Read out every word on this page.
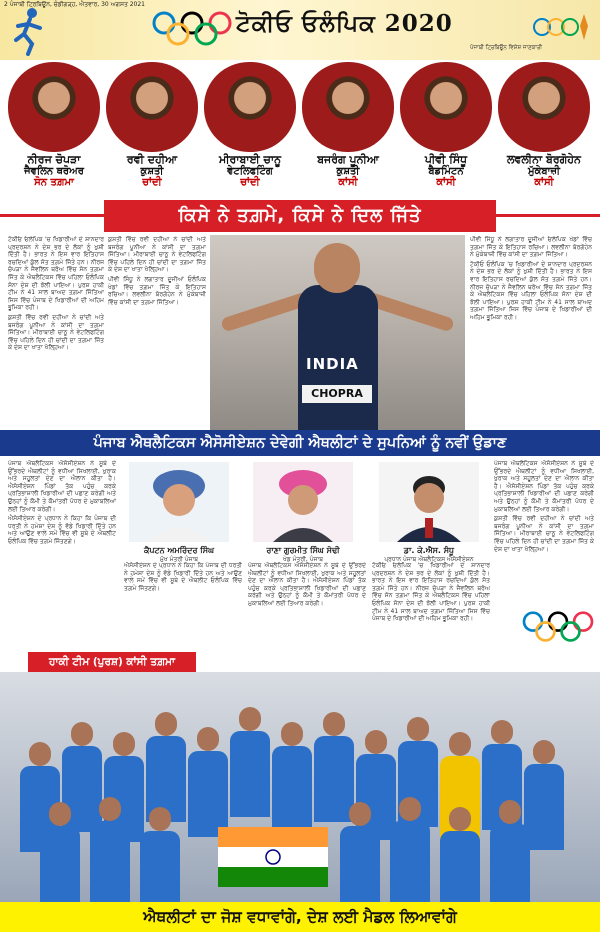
2 ਪੰਜਾਬੀ ਟ੍ਰਿਬਿਊਨ, ਚੰਡੀਗੜ੍ਹ, ਐਤਵਾਰ, 30 ਅਗਸਤ 2021
ਟੋਕੀਓ ਓਲੰਪਿਕ 2020
ਪੰਜਾਬੀ ਟ੍ਰਿਬਿਊਨ ਵਿਸ਼ੇਸ਼ ਜਾਣਕਾਰੀ
ਨੀਰਜ ਚੋਪੜਾ
ਜੈਵਲਿਨ ਥਰੋਅਰ
ਸੋਨ ਤਗ਼ਮਾ
ਰਵੀ ਦਹੀਆ
ਕੁਸ਼ਤੀ
ਚਾਂਦੀ
ਮੀਰਾਬਾਈ ਚਾਨੂ
ਵੇਟਲਿਫਟਿੰਗ
ਚਾਂਦੀ
ਬਜਰੰਗ ਪੂਨੀਆ
ਕੁਸ਼ਤੀ
ਕਾਂਸੀ
ਪੀਵੀ ਸਿੰਧੂ
ਬੈਡਮਿੰਟਨ
ਕਾਂਸੀ
ਲਵਲੀਨਾ ਬੋਰਗੋਹੇਨ
ਮੁੱਕੇਬਾਜ਼ੀ
ਕਾਂਸੀ
ਕਿਸੇ ਨੇ ਤਗ਼ਮੇ, ਕਿਸੇ ਨੇ ਦਿਲ ਜਿੱਤੇ

ਟੋਕੀਓ ਓਲੰਪਿਕ 'ਚ ਖਿਡਾਰੀਆਂ ਦੇ ਸ਼ਾਨਦਾਰ ਪ੍ਰਦਰਸ਼ਨ ਨੇ ਦੇਸ਼ ਭਰ ਦੇ ਲੋਕਾਂ ਨੂੰ ਖੁਸ਼ੀ ਦਿੱਤੀ ਹੈ। ਭਾਰਤ ਨੇ ਇਸ ਵਾਰ ਇਤਿਹਾਸ ਰਚਦਿਆਂ ਕੁੱਲ ਸੱਤ ਤਗ਼ਮੇ ਜਿੱਤੇ ਹਨ। ਨੀਰਜ ਚੋਪੜਾ ਨੇ ਜੈਵਲਿਨ ਥਰੋਅ ਵਿੱਚ ਸੋਨ ਤਗ਼ਮਾ ਜਿੱਤ ਕੇ ਐਥਲੈਟਿਕਸ ਵਿੱਚ ਪਹਿਲਾ ਓਲੰਪਿਕ ਸੋਨਾ ਦੇਸ਼ ਦੀ ਝੋਲੀ ਪਾਇਆ। ਪੁਰਸ਼ ਹਾਕੀ ਟੀਮ ਨੇ 41 ਸਾਲ ਬਾਅਦ ਤਗ਼ਮਾ ਜਿੱਤਿਆ ਜਿਸ ਵਿੱਚ ਪੰਜਾਬ ਦੇ ਖਿਡਾਰੀਆਂ ਦੀ ਅਹਿਮ ਭੂਮਿਕਾ ਰਹੀ।

ਕੁਸ਼ਤੀ ਵਿੱਚ ਰਵੀ ਦਹੀਆ ਨੇ ਚਾਂਦੀ ਅਤੇ ਬਜਰੰਗ ਪੂਨੀਆ ਨੇ ਕਾਂਸੀ ਦਾ ਤਗ਼ਮਾ ਜਿੱਤਿਆ। ਮੀਰਾਬਾਈ ਚਾਨੂ ਨੇ ਵੇਟਲਿਫਟਿੰਗ ਵਿੱਚ ਪਹਿਲੇ ਦਿਨ ਹੀ ਚਾਂਦੀ ਦਾ ਤਗ਼ਮਾ ਜਿੱਤ ਕੇ ਦੇਸ਼ ਦਾ ਖਾਤਾ ਖੋਲ੍ਹਿਆ।

ਕੁਸ਼ਤੀ ਵਿੱਚ ਰਵੀ ਦਹੀਆ ਨੇ ਚਾਂਦੀ ਅਤੇ ਬਜਰੰਗ ਪੂਨੀਆ ਨੇ ਕਾਂਸੀ ਦਾ ਤਗ਼ਮਾ ਜਿੱਤਿਆ। ਮੀਰਾਬਾਈ ਚਾਨੂ ਨੇ ਵੇਟਲਿਫਟਿੰਗ ਵਿੱਚ ਪਹਿਲੇ ਦਿਨ ਹੀ ਚਾਂਦੀ ਦਾ ਤਗ਼ਮਾ ਜਿੱਤ ਕੇ ਦੇਸ਼ ਦਾ ਖਾਤਾ ਖੋਲ੍ਹਿਆ।

ਪੀਵੀ ਸਿੰਧੂ ਨੇ ਲਗਾਤਾਰ ਦੂਜੀਆਂ ਓਲੰਪਿਕ ਖੇਡਾਂ ਵਿੱਚ ਤਗ਼ਮਾ ਜਿੱਤ ਕੇ ਇਤਿਹਾਸ ਰਚਿਆ। ਲਵਲੀਨਾ ਬੋਰਗੋਹੇਨ ਨੇ ਮੁੱਕੇਬਾਜ਼ੀ ਵਿੱਚ ਕਾਂਸੀ ਦਾ ਤਗ਼ਮਾ ਜਿੱਤਿਆ।

INDIA
CHOPRA

ਪੀਵੀ ਸਿੰਧੂ ਨੇ ਲਗਾਤਾਰ ਦੂਜੀਆਂ ਓਲੰਪਿਕ ਖੇਡਾਂ ਵਿੱਚ ਤਗ਼ਮਾ ਜਿੱਤ ਕੇ ਇਤਿਹਾਸ ਰਚਿਆ। ਲਵਲੀਨਾ ਬੋਰਗੋਹੇਨ ਨੇ ਮੁੱਕੇਬਾਜ਼ੀ ਵਿੱਚ ਕਾਂਸੀ ਦਾ ਤਗ਼ਮਾ ਜਿੱਤਿਆ।

ਟੋਕੀਓ ਓਲੰਪਿਕ 'ਚ ਖਿਡਾਰੀਆਂ ਦੇ ਸ਼ਾਨਦਾਰ ਪ੍ਰਦਰਸ਼ਨ ਨੇ ਦੇਸ਼ ਭਰ ਦੇ ਲੋਕਾਂ ਨੂੰ ਖੁਸ਼ੀ ਦਿੱਤੀ ਹੈ। ਭਾਰਤ ਨੇ ਇਸ ਵਾਰ ਇਤਿਹਾਸ ਰਚਦਿਆਂ ਕੁੱਲ ਸੱਤ ਤਗ਼ਮੇ ਜਿੱਤੇ ਹਨ। ਨੀਰਜ ਚੋਪੜਾ ਨੇ ਜੈਵਲਿਨ ਥਰੋਅ ਵਿੱਚ ਸੋਨ ਤਗ਼ਮਾ ਜਿੱਤ ਕੇ ਐਥਲੈਟਿਕਸ ਵਿੱਚ ਪਹਿਲਾ ਓਲੰਪਿਕ ਸੋਨਾ ਦੇਸ਼ ਦੀ ਝੋਲੀ ਪਾਇਆ। ਪੁਰਸ਼ ਹਾਕੀ ਟੀਮ ਨੇ 41 ਸਾਲ ਬਾਅਦ ਤਗ਼ਮਾ ਜਿੱਤਿਆ ਜਿਸ ਵਿੱਚ ਪੰਜਾਬ ਦੇ ਖਿਡਾਰੀਆਂ ਦੀ ਅਹਿਮ ਭੂਮਿਕਾ ਰਹੀ।

ਪੰਜਾਬ ਐਥਲੈਟਿਕਸ ਐਸੋਸੀਏਸ਼ਨ ਦੇਵੇਗੀ ਐਥਲੀਟਾਂ ਦੇ ਸੁਪਨਿਆਂ ਨੂੰ ਨਵੀਂ ਉਡਾਣ

ਪੰਜਾਬ ਐਥਲੈਟਿਕਸ ਐਸੋਸੀਏਸ਼ਨ ਨੇ ਸੂਬੇ ਦੇ ਉੱਭਰਦੇ ਐਥਲੀਟਾਂ ਨੂੰ ਵਧੀਆ ਸਿਖਲਾਈ, ਖੁਰਾਕ ਅਤੇ ਸਹੂਲਤਾਂ ਦੇਣ ਦਾ ਐਲਾਨ ਕੀਤਾ ਹੈ। ਐਸੋਸੀਏਸ਼ਨ ਪਿੰਡਾਂ ਤੱਕ ਪਹੁੰਚ ਕਰਕੇ ਪ੍ਰਤਿਭਾਸ਼ਾਲੀ ਖਿਡਾਰੀਆਂ ਦੀ ਪਛਾਣ ਕਰੇਗੀ ਅਤੇ ਉਨ੍ਹਾਂ ਨੂੰ ਕੌਮੀ ਤੇ ਕੌਮਾਂਤਰੀ ਪੱਧਰ ਦੇ ਮੁਕਾਬਲਿਆਂ ਲਈ ਤਿਆਰ ਕਰੇਗੀ।

ਐਸੋਸੀਏਸ਼ਨ ਦੇ ਪ੍ਰਧਾਨ ਨੇ ਕਿਹਾ ਕਿ ਪੰਜਾਬ ਦੀ ਧਰਤੀ ਨੇ ਹਮੇਸ਼ਾ ਦੇਸ਼ ਨੂੰ ਵੱਡੇ ਖਿਡਾਰੀ ਦਿੱਤੇ ਹਨ ਅਤੇ ਆਉਣ ਵਾਲੇ ਸਮੇਂ ਵਿੱਚ ਵੀ ਸੂਬੇ ਦੇ ਐਥਲੀਟ ਓਲੰਪਿਕ ਵਿੱਚ ਤਗ਼ਮੇ ਜਿੱਤਣਗੇ।

ਕੈਪਟਨ ਅਮਰਿੰਦਰ ਸਿੰਘ
ਮੁੱਖ ਮੰਤਰੀ ਪੰਜਾਬ
ਰਾਣਾ ਗੁਰਮੀਤ ਸਿੰਘ ਸੋਢੀ
ਖੇਡ ਮੰਤਰੀ, ਪੰਜਾਬ
ਡਾ. ਕੇ.ਐਸ. ਸੰਧੂ
ਪ੍ਰਧਾਨ ਪੰਜਾਬ ਐਥਲੈਟਿਕਸ ਐਸੋਸੀਏਸ਼ਨ

ਐਸੋਸੀਏਸ਼ਨ ਦੇ ਪ੍ਰਧਾਨ ਨੇ ਕਿਹਾ ਕਿ ਪੰਜਾਬ ਦੀ ਧਰਤੀ ਨੇ ਹਮੇਸ਼ਾ ਦੇਸ਼ ਨੂੰ ਵੱਡੇ ਖਿਡਾਰੀ ਦਿੱਤੇ ਹਨ ਅਤੇ ਆਉਣ ਵਾਲੇ ਸਮੇਂ ਵਿੱਚ ਵੀ ਸੂਬੇ ਦੇ ਐਥਲੀਟ ਓਲੰਪਿਕ ਵਿੱਚ ਤਗ਼ਮੇ ਜਿੱਤਣਗੇ।

ਪੰਜਾਬ ਐਥਲੈਟਿਕਸ ਐਸੋਸੀਏਸ਼ਨ ਨੇ ਸੂਬੇ ਦੇ ਉੱਭਰਦੇ ਐਥਲੀਟਾਂ ਨੂੰ ਵਧੀਆ ਸਿਖਲਾਈ, ਖੁਰਾਕ ਅਤੇ ਸਹੂਲਤਾਂ ਦੇਣ ਦਾ ਐਲਾਨ ਕੀਤਾ ਹੈ। ਐਸੋਸੀਏਸ਼ਨ ਪਿੰਡਾਂ ਤੱਕ ਪਹੁੰਚ ਕਰਕੇ ਪ੍ਰਤਿਭਾਸ਼ਾਲੀ ਖਿਡਾਰੀਆਂ ਦੀ ਪਛਾਣ ਕਰੇਗੀ ਅਤੇ ਉਨ੍ਹਾਂ ਨੂੰ ਕੌਮੀ ਤੇ ਕੌਮਾਂਤਰੀ ਪੱਧਰ ਦੇ ਮੁਕਾਬਲਿਆਂ ਲਈ ਤਿਆਰ ਕਰੇਗੀ।

ਟੋਕੀਓ ਓਲੰਪਿਕ 'ਚ ਖਿਡਾਰੀਆਂ ਦੇ ਸ਼ਾਨਦਾਰ ਪ੍ਰਦਰਸ਼ਨ ਨੇ ਦੇਸ਼ ਭਰ ਦੇ ਲੋਕਾਂ ਨੂੰ ਖੁਸ਼ੀ ਦਿੱਤੀ ਹੈ। ਭਾਰਤ ਨੇ ਇਸ ਵਾਰ ਇਤਿਹਾਸ ਰਚਦਿਆਂ ਕੁੱਲ ਸੱਤ ਤਗ਼ਮੇ ਜਿੱਤੇ ਹਨ। ਨੀਰਜ ਚੋਪੜਾ ਨੇ ਜੈਵਲਿਨ ਥਰੋਅ ਵਿੱਚ ਸੋਨ ਤਗ਼ਮਾ ਜਿੱਤ ਕੇ ਐਥਲੈਟਿਕਸ ਵਿੱਚ ਪਹਿਲਾ ਓਲੰਪਿਕ ਸੋਨਾ ਦੇਸ਼ ਦੀ ਝੋਲੀ ਪਾਇਆ। ਪੁਰਸ਼ ਹਾਕੀ ਟੀਮ ਨੇ 41 ਸਾਲ ਬਾਅਦ ਤਗ਼ਮਾ ਜਿੱਤਿਆ ਜਿਸ ਵਿੱਚ ਪੰਜਾਬ ਦੇ ਖਿਡਾਰੀਆਂ ਦੀ ਅਹਿਮ ਭੂਮਿਕਾ ਰਹੀ।

ਪੰਜਾਬ ਐਥਲੈਟਿਕਸ ਐਸੋਸੀਏਸ਼ਨ ਨੇ ਸੂਬੇ ਦੇ ਉੱਭਰਦੇ ਐਥਲੀਟਾਂ ਨੂੰ ਵਧੀਆ ਸਿਖਲਾਈ, ਖੁਰਾਕ ਅਤੇ ਸਹੂਲਤਾਂ ਦੇਣ ਦਾ ਐਲਾਨ ਕੀਤਾ ਹੈ। ਐਸੋਸੀਏਸ਼ਨ ਪਿੰਡਾਂ ਤੱਕ ਪਹੁੰਚ ਕਰਕੇ ਪ੍ਰਤਿਭਾਸ਼ਾਲੀ ਖਿਡਾਰੀਆਂ ਦੀ ਪਛਾਣ ਕਰੇਗੀ ਅਤੇ ਉਨ੍ਹਾਂ ਨੂੰ ਕੌਮੀ ਤੇ ਕੌਮਾਂਤਰੀ ਪੱਧਰ ਦੇ ਮੁਕਾਬਲਿਆਂ ਲਈ ਤਿਆਰ ਕਰੇਗੀ।

ਕੁਸ਼ਤੀ ਵਿੱਚ ਰਵੀ ਦਹੀਆ ਨੇ ਚਾਂਦੀ ਅਤੇ ਬਜਰੰਗ ਪੂਨੀਆ ਨੇ ਕਾਂਸੀ ਦਾ ਤਗ਼ਮਾ ਜਿੱਤਿਆ। ਮੀਰਾਬਾਈ ਚਾਨੂ ਨੇ ਵੇਟਲਿਫਟਿੰਗ ਵਿੱਚ ਪਹਿਲੇ ਦਿਨ ਹੀ ਚਾਂਦੀ ਦਾ ਤਗ਼ਮਾ ਜਿੱਤ ਕੇ ਦੇਸ਼ ਦਾ ਖਾਤਾ ਖੋਲ੍ਹਿਆ।

ਹਾਕੀ ਟੀਮ (ਪੁਰਸ਼) ਕਾਂਸੀ ਤਗ਼ਮਾ
ਐਥਲੀਟਾਂ ਦਾ ਜੋਸ਼ ਵਧਾਵਾਂਗੇ, ਦੇਸ਼ ਲਈ ਮੈਡਲ ਲਿਆਵਾਂਗੇ
